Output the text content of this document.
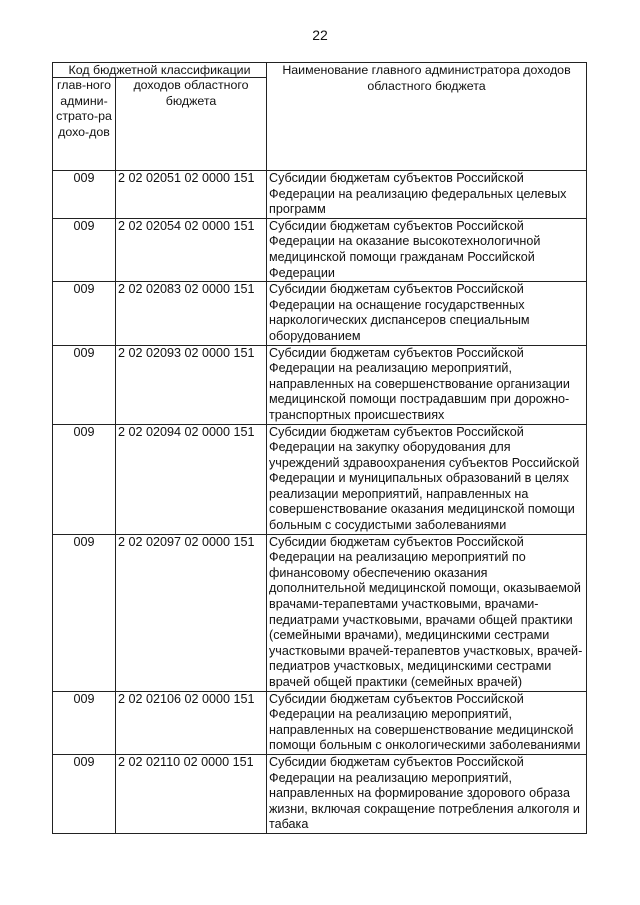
22
Код бюджетной классификации		Наименование главного администратора доходов областного бюджета
глав-ного админи-страто-ра дохо-дов	доходов областного бюджета	
009	2 02 02051 02 0000 151	Субсидии бюджетам субъектов Российской Федерации на реализацию федеральных целевых программ
009	2 02 02054 02 0000 151	Субсидии бюджетам субъектов Российской Федерации на оказание высокотехнологичной медицинской помощи гражданам Российской Федерации
009	2 02 02083 02 0000 151	Субсидии бюджетам субъектов Российской Федерации на оснащение государственных наркологических диспансеров специальным оборудованием
009	2 02 02093 02 0000 151	Субсидии бюджетам субъектов Российской Федерации на реализацию мероприятий, направленных на совершенствование организации медицинской помощи пострадавшим при дорожно-транспортных происшествиях
009	2 02 02094 02 0000 151	Субсидии бюджетам субъектов Российской Федерации на закупку оборудования для учреждений здравоохранения субъектов Российской Федерации и муниципальных образований в целях реализации мероприятий, направленных на совершенствование оказания медицинской помощи больным с сосудистыми заболеваниями
009	2 02 02097 02 0000 151	Субсидии бюджетам субъектов Российской Федерации на реализацию мероприятий по финансовому обеспечению оказания дополнительной медицинской помощи, оказываемой врачами-терапевтами участковыми, врачами-педиатрами участковыми, врачами общей практики (семейными врачами), медицинскими сестрами участковыми врачей-терапевтов участковых, врачей-педиатров участковых, медицинскими сестрами врачей общей практики (семейных врачей)
009	2 02 02106 02 0000 151	Субсидии бюджетам субъектов Российской Федерации на реализацию мероприятий, направленных на совершенствование медицинской помощи больным с онкологическими заболеваниями
009	2 02 02110 02 0000 151	Субсидии бюджетам субъектов Российской Федерации на реализацию мероприятий, направленных на формирование здорового образа жизни, включая сокращение потребления алкоголя и табака
